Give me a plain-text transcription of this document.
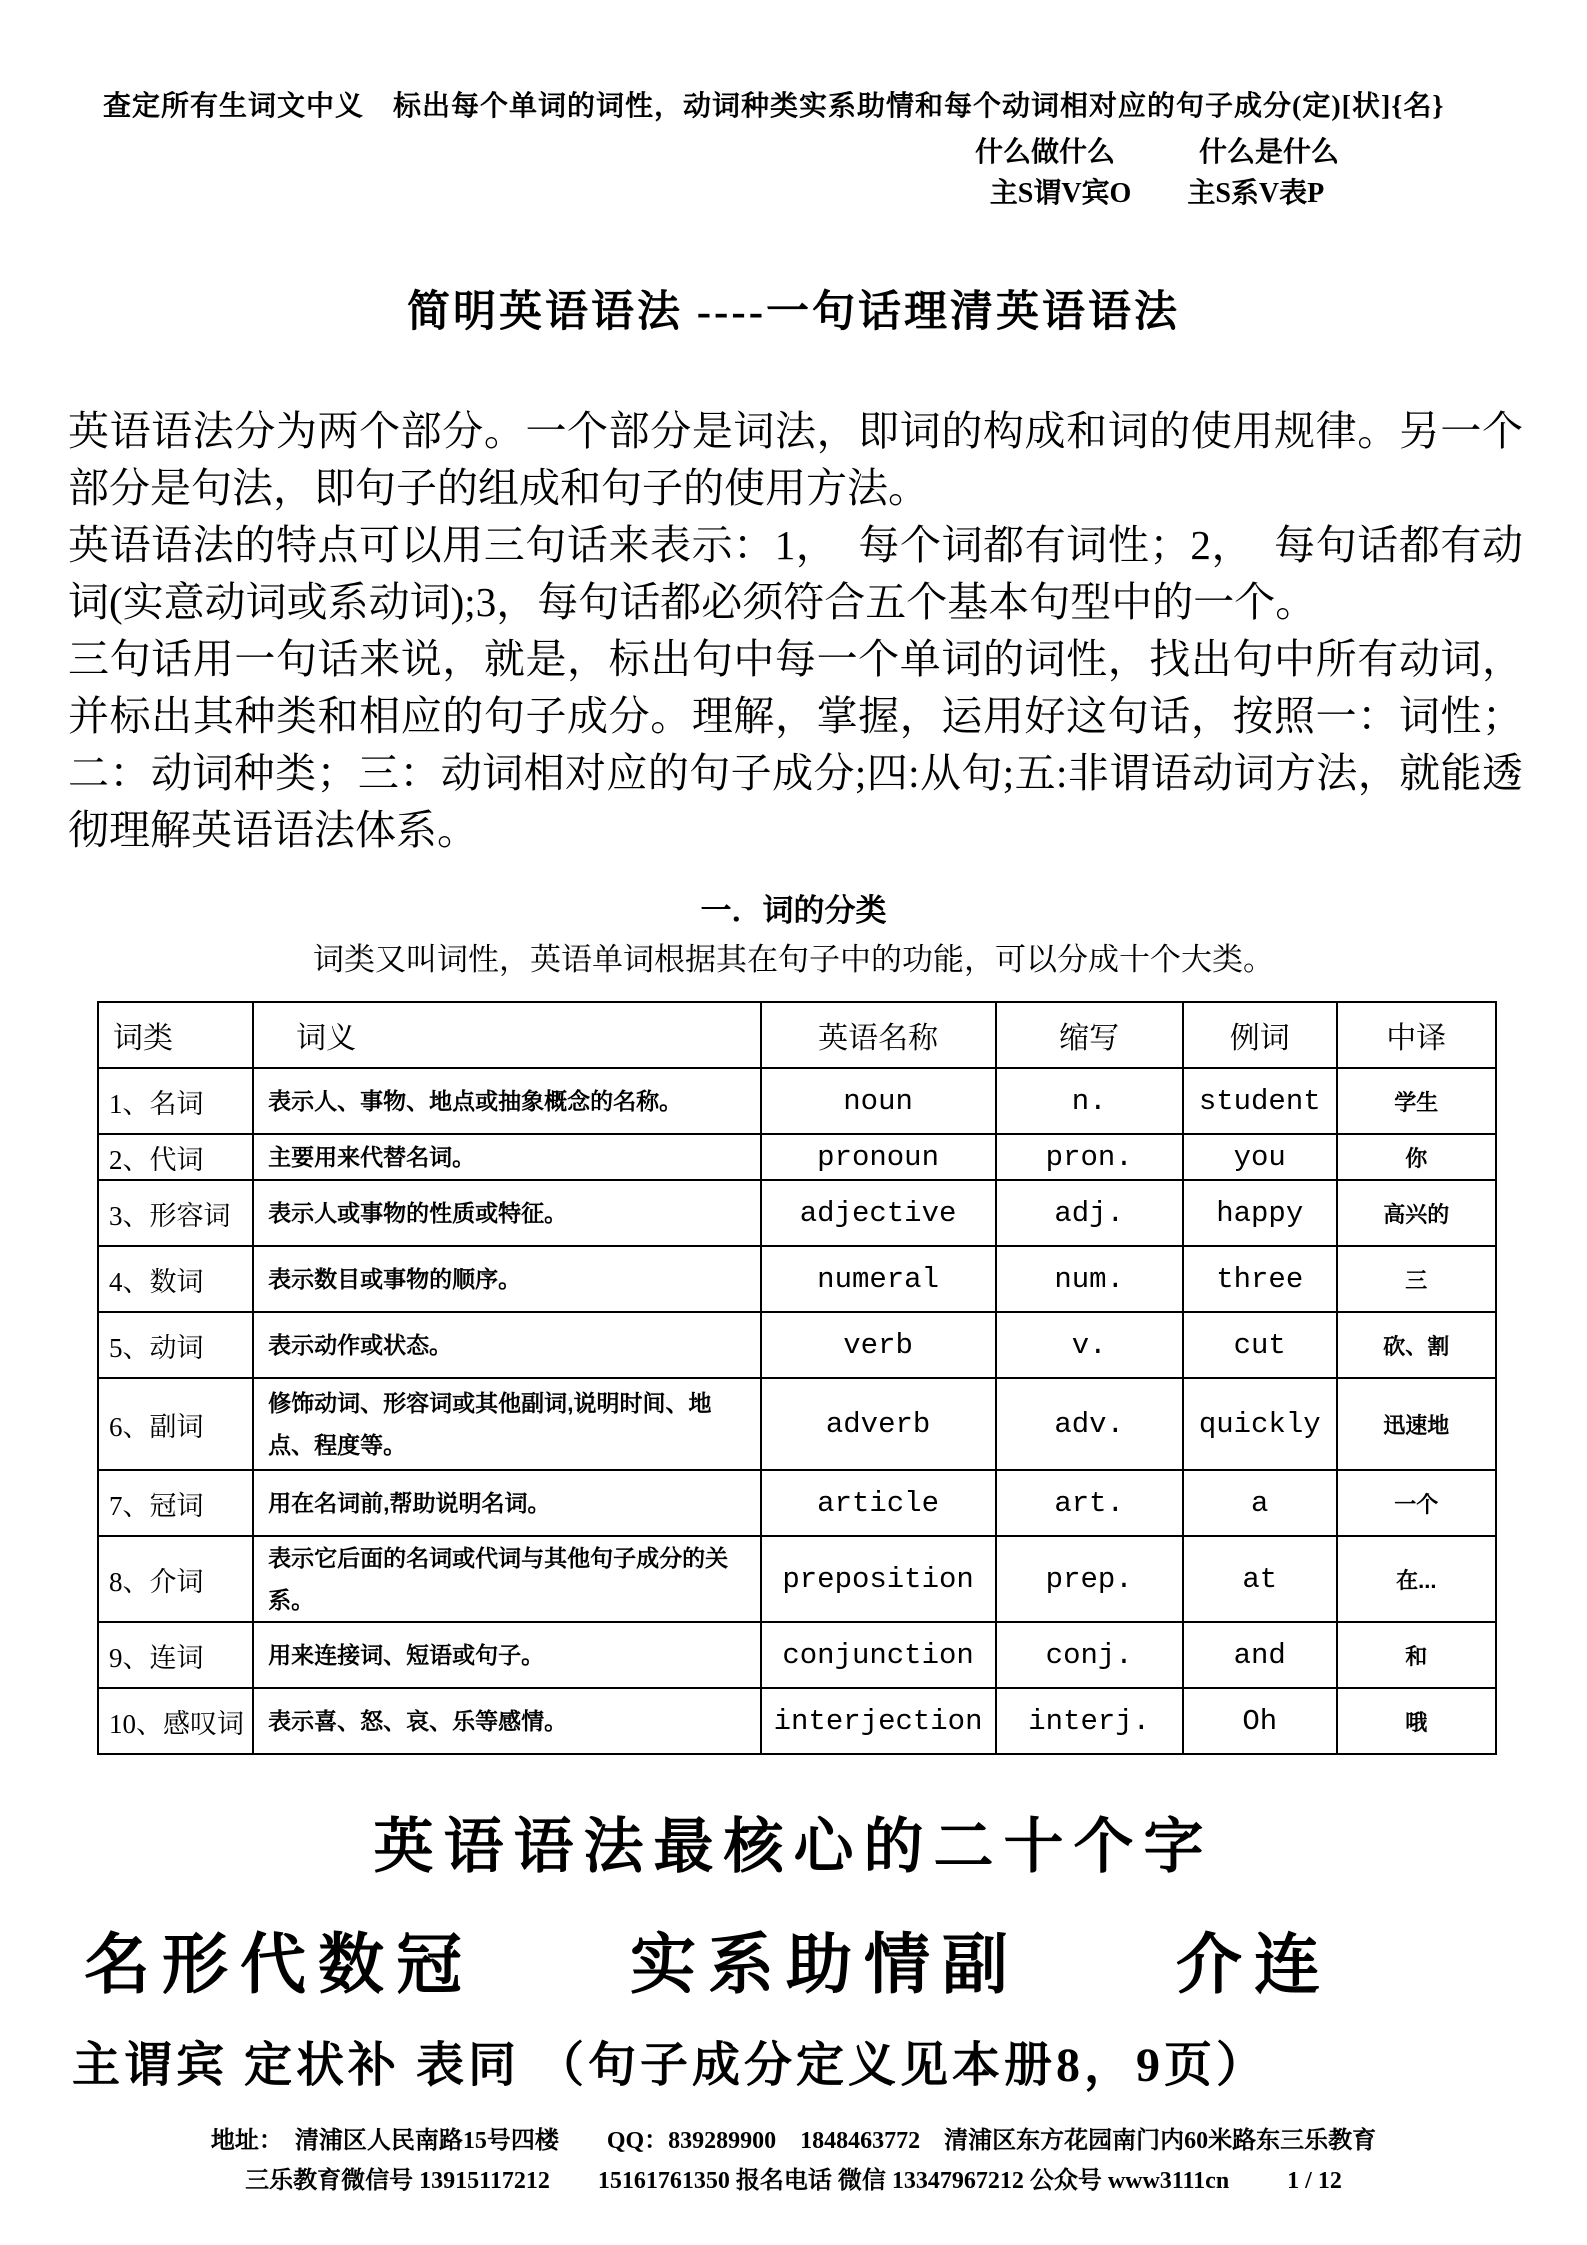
查定所有生词文中义　标出每个单词的词性，动词种类实系助情和每个动词相对应的句子成分(定)[状]{名}
什么做什么　　　什么是什么
主S谓V宾O　　主S系V表P
简明英语语法 ----一句话理清英语语法

英语语法分为两个部分。一个部分是词法，即词的构成和词的使用规律。另一个部分是句法，即句子的组成和句子的使用方法。

英语语法的特点可以用三句话来表示：1，　每个词都有词性；2，　每句话都有动词(实意动词或系动词);3，每句话都必须符合五个基本句型中的一个。

三句话用一句话来说，就是，标出句中每一个单词的词性，找出句中所有动词，并标出其种类和相应的句子成分。理解，掌握，运用好这句话，按照一：词性；二：动词种类；三：动词相对应的句子成分;四:从句;五:非谓语动词方法，就能透彻理解英语语法体系。

一．词的分类
词类又叫词性，英语单词根据其在句子中的功能，可以分成十个大类。
词类	词义	英语名称	缩写	例词	中译
1、名词	表示人、事物、地点或抽象概念的名称。	noun	n.	student	学生
2、代词	主要用来代替名词。	pronoun	pron.	you	你
3、形容词	表示人或事物的性质或特征。	adjective	adj.	happy	高兴的
4、数词	表示数目或事物的顺序。	numeral	num.	three	三
5、动词	表示动作或状态。	verb	v.	cut	砍、割
6、副词	修饰动词、形容词或其他副词,说明时间、地点、程度等。	adverb	adv.	quickly	迅速地
7、冠词	用在名词前,帮助说明名词。	article	art.	a	一个
8、介词	表示它后面的名词或代词与其他句子成分的关系。	preposition	prep.	at	在...
9、连词	用来连接词、短语或句子。	conjunction	conj.	and	和
10、感叹词	表示喜、怒、哀、乐等感情。	interjection	interj.	Oh	哦
英语语法最核心的二十个字
名形代数冠　　实系助情副　　介连
主谓宾 定状补 表同 （句子成分定义见本册8，9页）
地址：　清浦区人民南路15号四楼　　QQ：839289900　1848463772　清浦区东方花园南门内60米路东三乐教育
三乐教育微信号 13915117212　　15161761350 报名电话 微信 13347967212 公众号 www3111cn 1 / 12
